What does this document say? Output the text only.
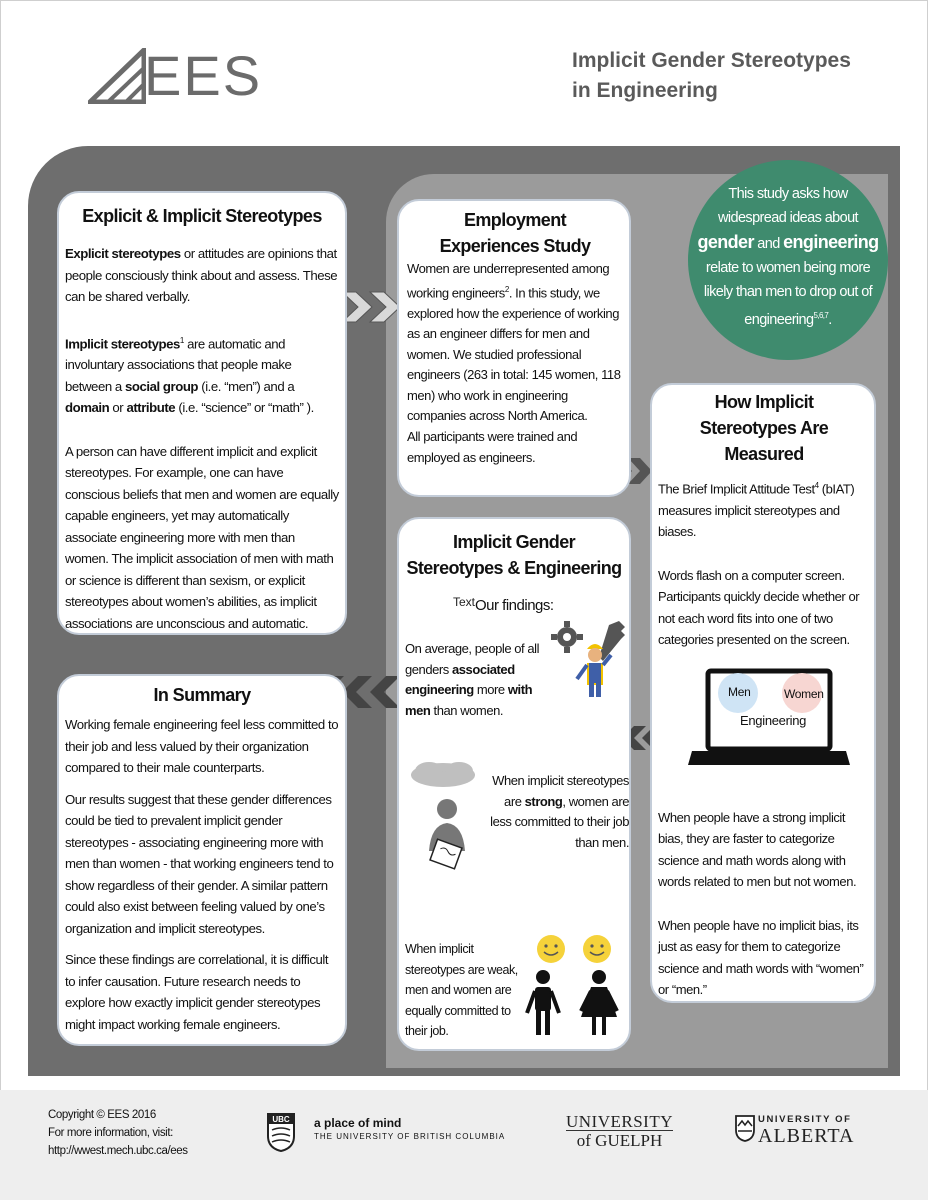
EES	Implicit Gender Stereotypes
in Engineering
This study asks how
widespread ideas about
gender and engineering
relate to women being more
likely than men to drop out of
engineering$^{5,6,7}$.
Explicit & Implicit Stereotypes

Explicit stereotypes or attitudes are opinions that people consciously think about and assess. These can be shared verbally.

Implicit stereotypes$^1$ are automatic and involuntary associations that people make between a social group (i.e. “men”) and a domain or attribute (i.e. “science” or “math” ).

A person can have different implicit and explicit stereotypes. For example, one can have conscious beliefs that men and women are equally capable engineers, yet may automatically associate engineering more with men than women. The implicit association of men with math or science is different than sexism, or explicit stereotypes about women’s abilities, as implicit associations are unconscious and automatic.

Employment
Experiences Study

Women are underrepresented among working engineers$^2$. In this study, we explored how the experience of working as an engineer differs for men and women. We studied professional engineers (263 in total: 145 women, 118 men) who work in engineering companies across North America.
All participants were trained and employed as engineers.

How Implicit
Stereotypes Are Measured

The Brief Implicit Attitude Test$^4$ (bIAT) measures implicit stereotypes and biases.

Words flash on a computer screen. Participants quickly decide whether or not each word fits into one of two categories presented on the screen.

Men	Women
Engineering

When people have a strong implicit bias, they are faster to categorize science and math words along with words related to men but not women.

When people have no implicit bias, its just as easy for them to categorize science and math words with “women” or “men.”

Implicit Gender
Stereotypes & Engineering
Text Our findings:
On average, people of all genders associated engineering more with men than women.
When implicit stereotypes are strong, women are less committed to their job than men.
When implicit stereotypes are weak, men and women are equally committed to their job.
In Summary

Working female engineering feel less committed to their job and less valued by their organization compared to their male counterparts.

Our results suggest that these gender differences could be tied to prevalent implicit gender stereotypes - associating engineering more with men than women - that working engineers tend to show regardless of their gender. A similar pattern could also exist between feeling valued by one’s organization and implicit stereotypes.

Since these findings are correlational, it is difficult to infer causation. Future research needs to explore how exactly implicit gender stereotypes might impact working female engineers.

Copyright © EES 2016
For more information, visit:
http://wwest.mech.ubc.ca/ees
UBC a place of mind
THE UNIVERSITY OF BRITISH COLUMBIA
UNIVERSITY
of GUELPH
UNIVERSITY OF
ALBERTA
